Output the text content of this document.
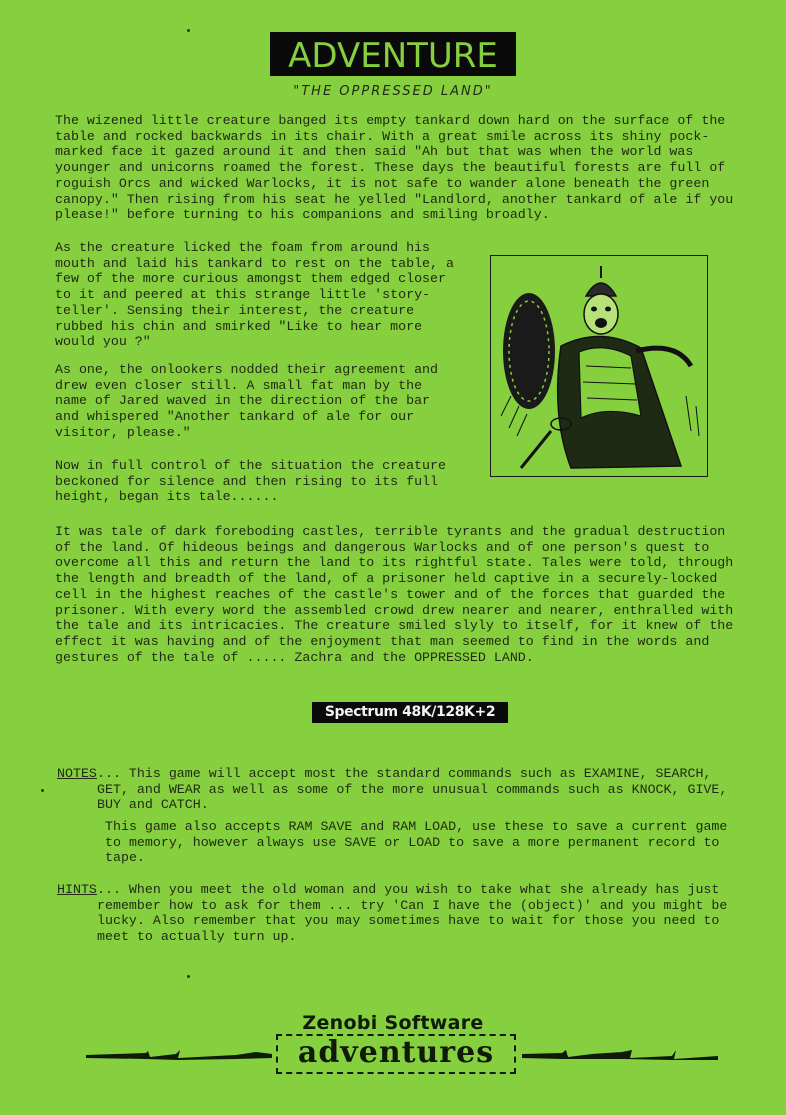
ADVENTURE
"THE OPPRESSED LAND"

The wizened little creature banged its empty tankard down hard on the surface of the table and rocked backwards in its chair. With a great smile across its shiny pock-marked face it gazed around it and then said "Ah but that was when the world was younger and unicorns roamed the forest. These days the beautiful forests are full of roguish Orcs and wicked Warlocks, it is not safe to wander alone beneath the green canopy." Then rising from his seat he yelled "Landlord, another tankard of ale if you please!" before turning to his companions and smiling broadly.

As the creature licked the foam from around his mouth and laid his tankard to rest on the table, a few of the more curious amongst them edged closer to it and peered at this strange little 'story-teller'. Sensing their interest, the creature rubbed his chin and smirked "Like to hear more would you ?"

As one, the onlookers nodded their agreement and drew even closer still. A small fat man by the name of Jared waved in the direction of the bar and whispered "Another tankard of ale for our visitor, please."

Now in full control of the situation the creature beckoned for silence and then rising to its full height, began its tale......

It was tale of dark foreboding castles, terrible tyrants and the gradual destruction of the land. Of hideous beings and dangerous Warlocks and of one person's quest to overcome all this and return the land to its rightful state. Tales were told, through the length and breadth of the land, of a prisoner held captive in a securely-locked cell in the highest reaches of the castle's tower and of the forces that guarded the prisoner. With every word the assembled crowd drew nearer and nearer, enthralled with the tale and its intricacies. The creature smiled slyly to itself, for it knew of the effect it was having and of the enjoyment that man seemed to find in the words and gestures of the tale of ..... Zachra and the OPPRESSED LAND.

Spectrum 48K/128K+2
NOTES ... This game will accept most the standard commands such as EXAMINE, SEARCH, GET, and WEAR as well as some of the more unusual commands such as KNOCK, GIVE, BUY and CATCH.
This game also accepts RAM SAVE and RAM LOAD, use these to save a current game to memory, however always use SAVE or LOAD to save a more permanent record to tape.
HINTS ... When you meet the old woman and you wish to take what she already has just remember how to ask for them ... try 'Can I have the (object)' and you might be lucky. Also remember that you may sometimes have to wait for those you need to meet to actually turn up.
Zenobi Software
adventures
